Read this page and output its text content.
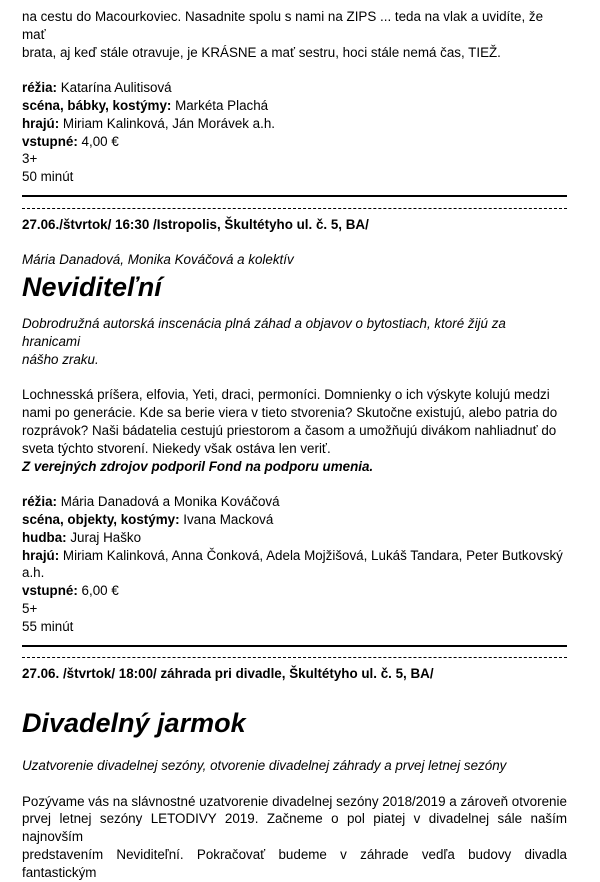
na cestu do Macourkoviec. Nasadnite spolu s nami na ZIPS ... teda na vlak a uvidíte, že mať

brata, aj keď stále otravuje, je KRÁSNE a mať sestru, hoci stále nemá čas, TIEŽ.

réžia: Katarína Aulitisová

scéna, bábky, kostýmy: Markéta Plachá

hrajú: Miriam Kalinková, Ján Morávek a.h.

vstupné: 4,00 €

3+

50 minút

27.06./štvrtok/ 16:30 /Istropolis, Škultétyho ul. č. 5, BA/

Mária Danadová, Monika Kováčová a kolektív

Neviditeľní

Dobrodružná autorská inscenácia plná záhad a objavov o bytostiach, ktoré žijú za hranicami

nášho zraku.

Lochnesská príšera, elfovia, Yeti, draci, permoníci. Domnienky o ich výskyte kolujú medzi

nami po generácie. Kde sa berie viera v tieto stvorenia? Skutočne existujú, alebo patria do

rozprávok? Naši bádatelia cestujú priestorom a časom a umožňujú divákom nahliadnuť do

sveta týchto stvorení. Niekedy však ostáva len veriť.

Z verejných zdrojov podporil Fond na podporu umenia.

réžia: Mária Danadová a Monika Kováčová

scéna, objekty, kostýmy: Ivana Macková

hudba: Juraj Haško

hrajú: Miriam Kalinková, Anna Čonková, Adela Mojžišová, Lukáš Tandara, Peter Butkovský

a.h.

vstupné: 6,00 €

5+

55 minút

27.06. /štvrtok/ 18:00/ záhrada pri divadle, Škultétyho ul. č. 5, BA/

Divadelný jarmok

Uzatvorenie divadelnej sezóny, otvorenie divadelnej záhrady a prvej letnej sezóny

Pozývame vás na slávnostné uzatvorenie divadelnej sezóny 2018/2019 a zároveň otvorenie

prvej letnej sezóny LETODIVY 2019. Začneme o pol piatej v divadelnej sále naším najnovším

predstavením Neviditeľní. Pokračovať budeme v záhrade vedľa budovy divadla fantastickým
